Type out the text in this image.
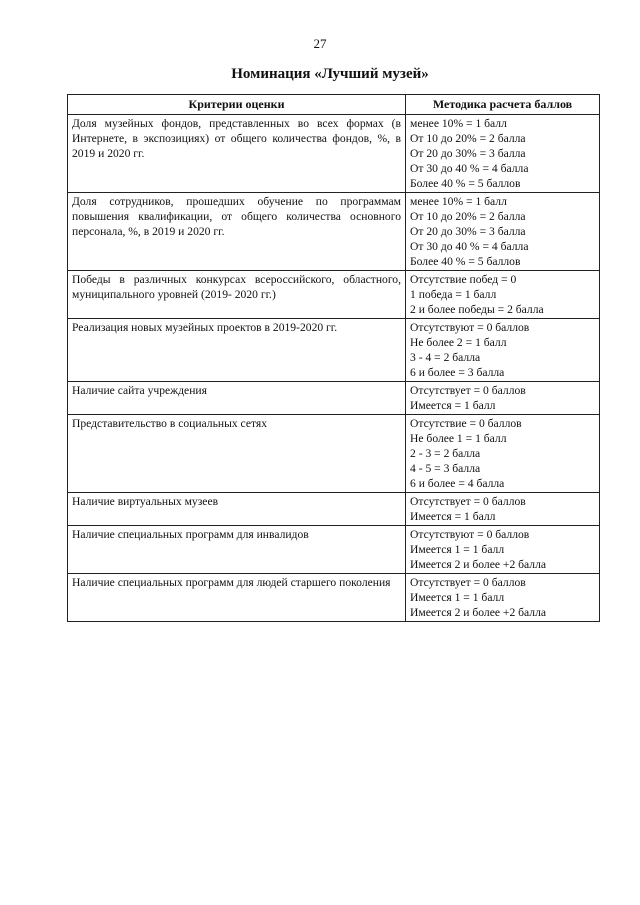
27
Номинация «Лучший музей»
Критерии оценки	Методика расчета баллов
Доля музейных фондов, представленных во всех формах (в Интернете, в экспозициях) от общего количества фондов, %, в 2019 и 2020 гг.	менее 10% = 1 балл
От 10 до 20% = 2 балла
От 20 до 30% = 3 балла
От 30 до 40 % = 4 балла
Более 40 % = 5 баллов

Доля сотрудников, прошедших обучение по программам повышения квалификации, от общего количества основного персонала, %, в 2019 и 2020 гг.	менее 10% = 1 балл
От 10 до 20% = 2 балла
От 20 до 30% = 3 балла
От 30 до 40 % = 4 балла
Более 40 % = 5 баллов

Победы в различных конкурсах всероссийского, областного, муниципального уровней (2019- 2020 гг.)	Отсутствие побед = 0
1 победа = 1 балл
2 и более победы = 2 балла

Реализация новых музейных проектов в 2019-2020 гг.	Отсутствуют = 0 баллов
Не более 2 = 1 балл
3 - 4 = 2 балла
6 и более = 3 балла

Наличие сайта учреждения	Отсутствует = 0 баллов
Имеется = 1 балл

Представительство в социальных сетях	Отсутствие = 0 баллов
Не более 1 = 1 балл
2 - 3 = 2 балла
4 - 5 = 3 балла
6 и более = 4 балла

Наличие виртуальных музеев	Отсутствует = 0 баллов
Имеется = 1 балл

Наличие специальных программ для инвалидов	Отсутствуют = 0 баллов
Имеется 1 = 1 балл
Имеется 2 и более +2 балла

Наличие специальных программ для людей старшего поколения	Отсутствует = 0 баллов
Имеется 1 = 1 балл
Имеется 2 и более +2 балла
